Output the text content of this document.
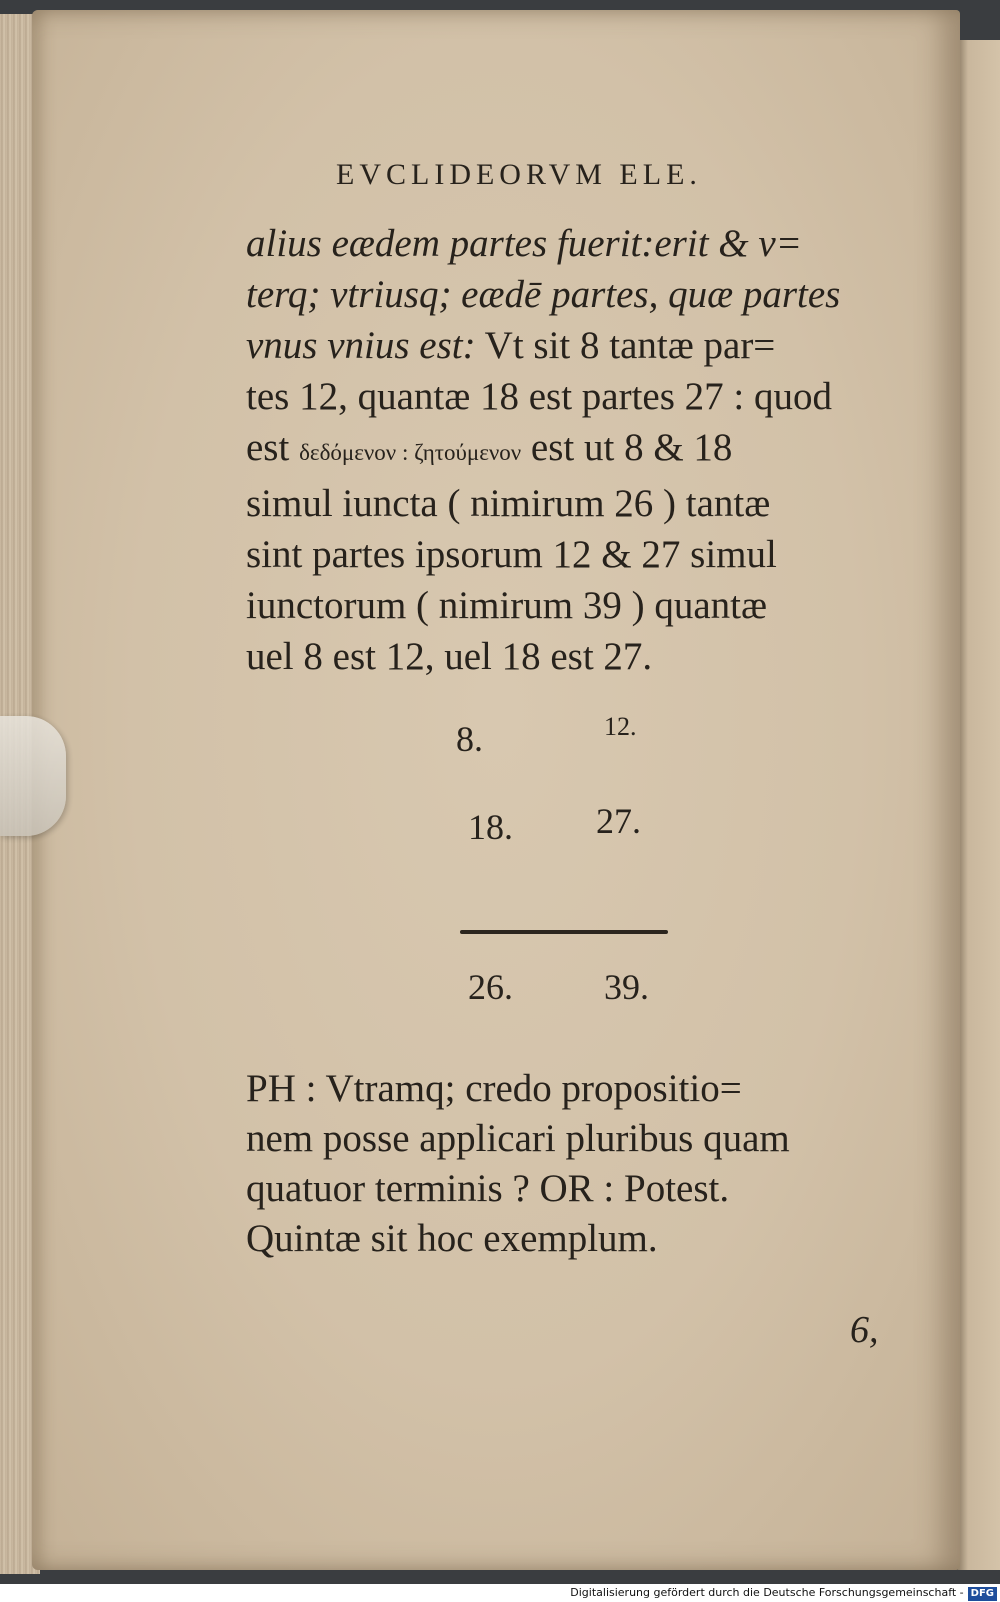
EVCLIDEORVM ELE.
alius eædem partes fuerit:erit & v=
terq; vtriusq; eædē partes, quæ partes
vnus vnius est: Vt sit 8 tantæ par=
tes 12, quantæ 18 est partes 27 : quod
est δεδόμενον : ζητούμενον est ut 8 & 18
simul iuncta ( nimirum 26 ) tantæ
sint partes ipsorum 12 & 27 simul
iunctorum ( nimirum 39 ) quantæ
uel 8 est 12, uel 18 est 27.
8.	12.
18. 27.
26.	39.
PH : Vtramq; credo propositio=
nem posse applicari pluribus quam
quatuor terminis ? OR : Potest.
Quintæ sit hoc exemplum.
6,
Digitalisierung gefördert durch die Deutsche Forschungsgemeinschaft - DFG
